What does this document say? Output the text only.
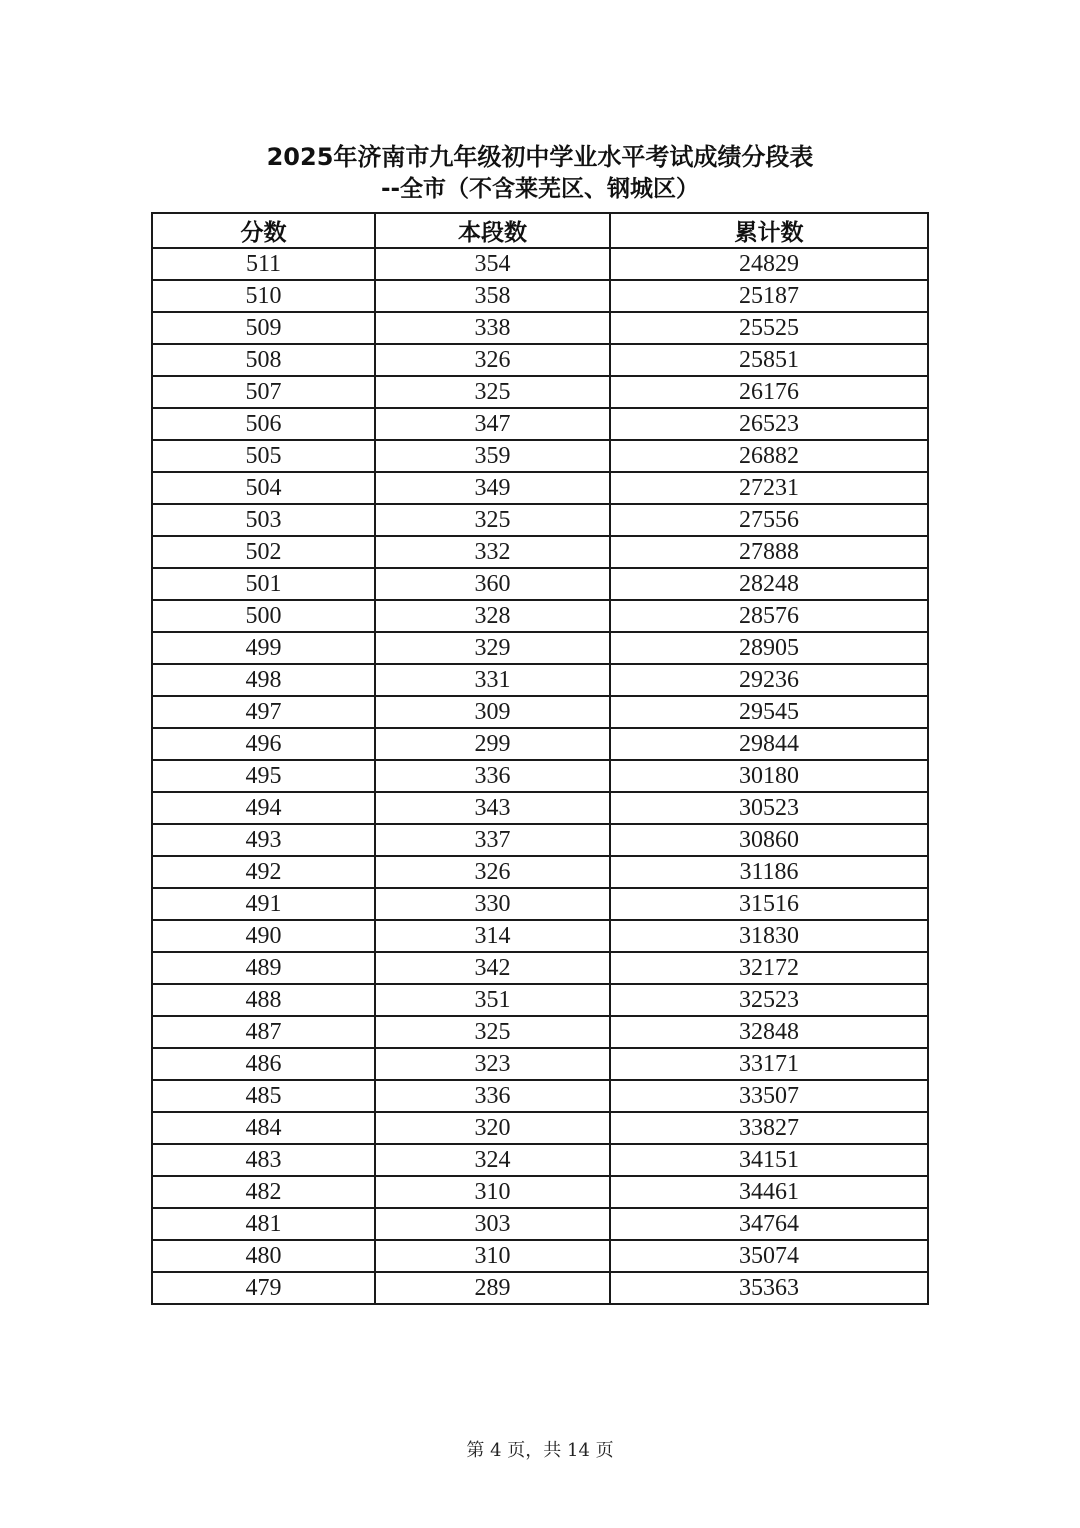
2025年济南市九年级初中学业水平考试成绩分段表
--全市（不含莱芜区、钢城区）
分数	本段数	累计数
511	354	24829
510	358	25187
509	338	25525
508	326	25851
507	325	26176
506	347	26523
505	359	26882
504	349	27231
503	325	27556
502	332	27888
501	360	28248
500	328	28576
499	329	28905
498	331	29236
497	309	29545
496	299	29844
495	336	30180
494	343	30523
493	337	30860
492	326	31186
491	330	31516
490	314	31830
489	342	32172
488	351	32523
487	325	32848
486	323	33171
485	336	33507
484	320	33827
483	324	34151
482	310	34461
481	303	34764
480	310	35074
479	289	35363

第 4 页，共 14 页
